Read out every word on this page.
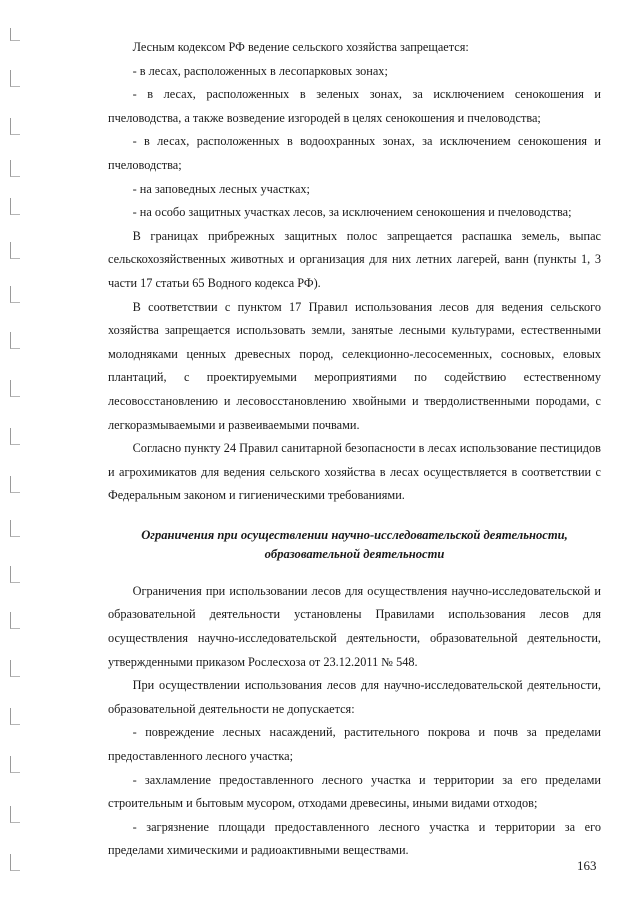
Лесным кодексом РФ ведение сельского хозяйства запрещается:

- в лесах, расположенных в лесопарковых зонах;

- в лесах, расположенных в зеленых зонах, за исключением сенокошения и пчеловодства, а также возведение изгородей в целях сенокошения и пчеловодства;

- в лесах, расположенных в водоохранных зонах, за исключением сенокошения и пчеловодства;

- на заповедных лесных участках;

- на особо защитных участках лесов, за исключением сенокошения и пчеловодства;

В границах прибрежных защитных полос запрещается распашка земель, выпас сельскохозяйственных животных и организация для них летних лагерей, ванн (пункты 1, 3 части 17 статьи 65 Водного кодекса РФ).

В соответствии с пунктом 17 Правил использования лесов для ведения сельского хозяйства запрещается использовать земли, занятые лесными культурами, естественными молодняками ценных древесных пород, селекционно-лесосеменных, сосновых, еловых плантаций, с проектируемыми мероприятиями по содействию естественному лесовосстановлению и лесовосстановлению хвойными и твердолиственными породами, с легкоразмываемыми и развеиваемыми почвами.

Согласно пункту 24 Правил санитарной безопасности в лесах использование пестицидов и агрохимикатов для ведения сельского хозяйства в лесах осуществляется в соответствии с Федеральным законом и гигиеническими требованиями.

Ограничения при осуществлении научно-исследовательской деятельности,
образовательной деятельности

Ограничения при использовании лесов для осуществления научно-исследовательской и образовательной деятельности установлены Правилами использования лесов для осуществления научно-исследовательской деятельности, образовательной деятельности, утвержденными приказом Рослесхоза от 23.12.2011 № 548.

При осуществлении использования лесов для научно-исследовательской деятельности, образовательной деятельности не допускается:

- повреждение лесных насаждений, растительного покрова и почв за пределами предоставленного лесного участка;

- захламление предоставленного лесного участка и территории за его пределами строительным и бытовым мусором, отходами древесины, иными видами отходов;

- загрязнение площади предоставленного лесного участка и территории за его пределами химическими и радиоактивными веществами.

163
